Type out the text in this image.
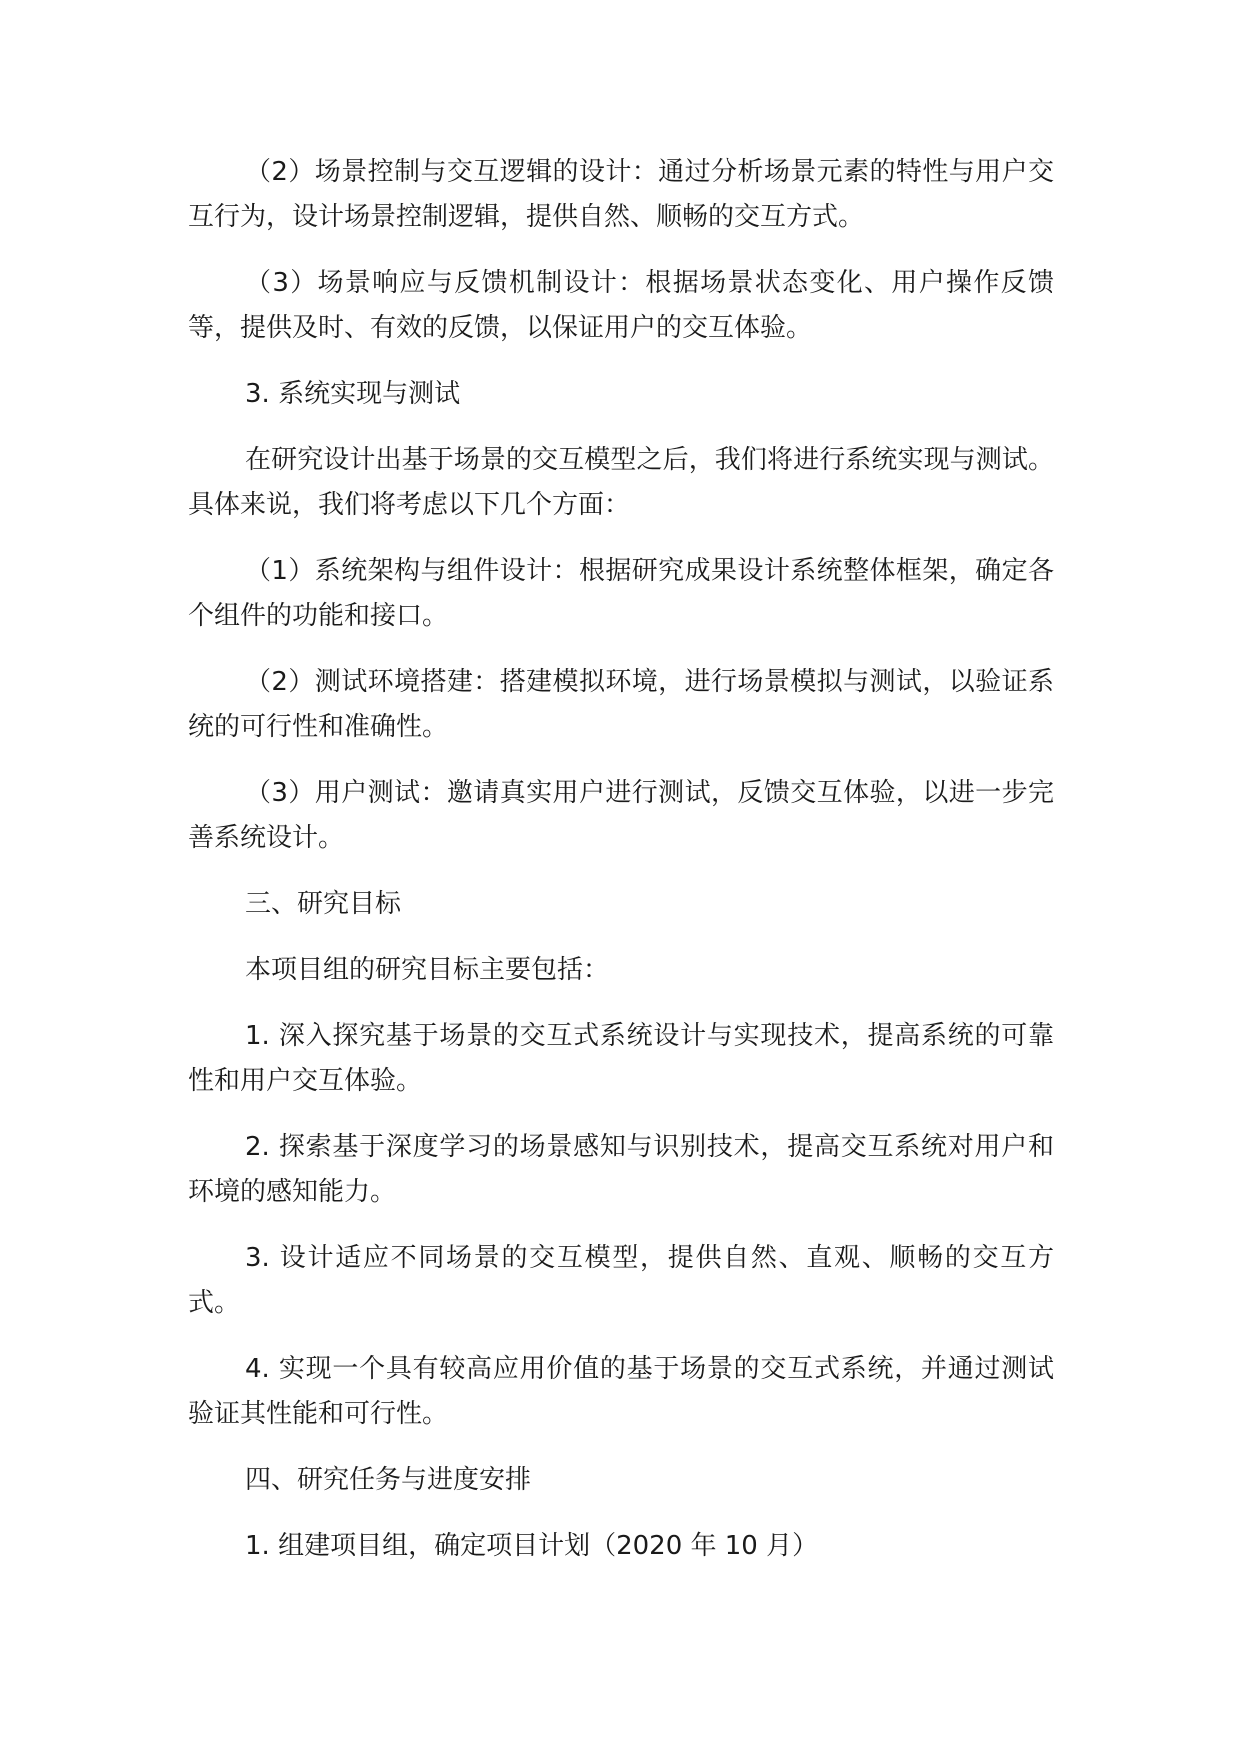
（2）场景控制与交互逻辑的设计：通过分析场景元素的特性与用户交互行为，设计场景控制逻辑，提供自然、顺畅的交互方式。

（3）场景响应与反馈机制设计：根据场景状态变化、用户操作反馈等，提供及时、有效的反馈，以保证用户的交互体验。

3. 系统实现与测试

在研究设计出基于场景的交互模型之后，我们将进行系统实现与测试。具体来说，我们将考虑以下几个方面：

（1）系统架构与组件设计：根据研究成果设计系统整体框架，确定各个组件的功能和接口。

（2）测试环境搭建：搭建模拟环境，进行场景模拟与测试，以验证系统的可行性和准确性。

（3）用户测试：邀请真实用户进行测试，反馈交互体验，以进一步完善系统设计。

三、研究目标

本项目组的研究目标主要包括：

1. 深入探究基于场景的交互式系统设计与实现技术，提高系统的可靠性和用户交互体验。

2. 探索基于深度学习的场景感知与识别技术，提高交互系统对用户和环境的感知能力。

3. 设计适应不同场景的交互模型，提供自然、直观、顺畅的交互方式。

4. 实现一个具有较高应用价值的基于场景的交互式系统，并通过测试验证其性能和可行性。

四、研究任务与进度安排

1. 组建项目组，确定项目计划（2020 年 10 月）
